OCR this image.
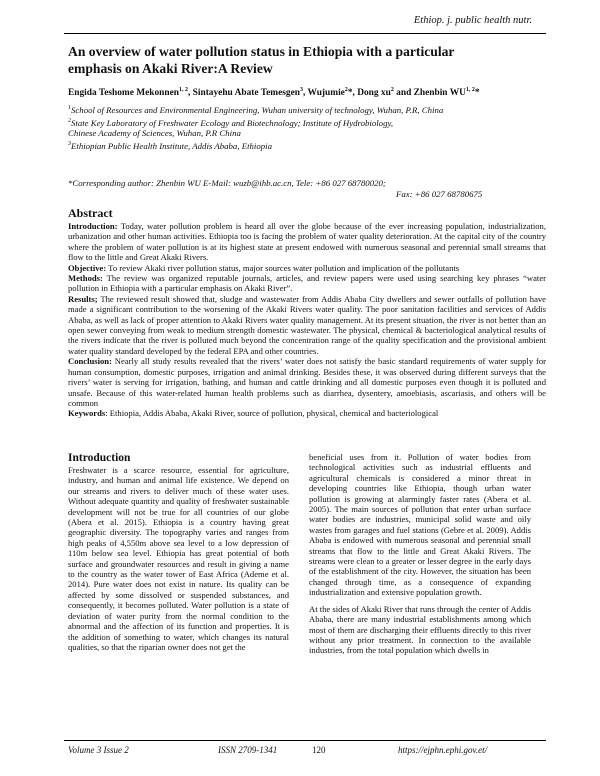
Ethiop. j. public health nutr.
An overview of water pollution status in Ethiopia with a particular emphasis on Akaki River:A Review
Engida Teshome Mekonnen$^{1, 2}$, Sintayehu Abate Temesgen$^3$, Wujumie$^2$*, Dong $xu^2$ and Zhenbin WU$^{1, 2}$*
$^1$School of Resources and Environmental Engineering, Wuhan university of technology, Wuhan, P.R, China
$^2$State Key Laboratory of Freshwater Ecology and Biotechnology; Institute of Hydrobiology,
Chinese Academy of Sciences, Wuhan, P.R China
$^3$Ethiopian Public Health Institute, Addis Ababa, Ethiopia
*Corresponding author: Zhenbin WU E-Mail: wuzb@ihb.ac.cn, Tele: +86 027 68780020;
Fax: +86 027 68780675
Abstract

Introduction: Today, water pollution problem is heard all over the globe because of the ever increasing population, industrialization, urbanization and other human activities. Ethiopia too is facing the problem of water quality deterioration. At the capital city of the country where the problem of water pollution is at its highest state at present endowed with numerous seasonal and perennial small streams that flow to the little and Great Akaki Rivers.

Objective: To review Akaki river pollution status, major sources water pollution and implication of the pollutants

Methods: The review was organized reputable journals, articles, and review papers were used using searching key phrases “water pollution in Ethiopia with a particular emphasis on Akaki River”.

Results; The reviewed result showed that, sludge and wastewater from Addis Ababa City dwellers and sewer outfalls of pollution have made a significant contribution to the worsening of the Akaki Rivers water quality. The poor sanitation facilities and services of Addis Ababa, as well as lack of proper attention to Akaki Rivers water quality management. At its present situation, the river is not better than an open sewer conveying from weak to medium strength domestic wastewater. The physical, chemical & bacteriological analytical results of the rivers indicate that the river is polluted much beyond the concentration range of the quality specification and the provisional ambient water quality standard developed by the federal EPA and other countries.

Conclusion: Nearly all study results revealed that the rivers’ water does not satisfy the basic standard requirements of water supply for human consumption, domestic purposes, irrigation and animal drinking. Besides these, it was observed during different surveys that the rivers’ water is serving for irrigation, bathing, and human and cattle drinking and all domestic purposes even though it is polluted and unsafe. Because of this water-related human health problems such as diarrhea, dysentery, amoebiasis, ascariasis, and others will be common

Keywords: Ethiopia, Addis Ababa, Akaki River, source of pollution, physical, chemical and bacteriological

Introduction

Freshwater is a scarce resource, essential for agriculture, industry, and human and animal life existence. We depend on our streams and rivers to deliver much of these water uses. Without adequate quantity and quality of freshwater sustainable development will not be true for all countries of our globe (Abera et al. 2015). Ethiopia is a country having great geographic diversity. The topography varies and ranges from high peaks of 4,550m above sea level to a low depression of 110m below sea level. Ethiopia has great potential of both surface and groundwater resources and result in giving a name to the country as the water tower of East Africa (Ademe et al. 2014). Pure water does not exist in nature. Its quality can be affected by some dissolved or suspended substances, and consequently, it becomes polluted. Water pollution is a state of deviation of water purity from the normal condition to the abnormal and the affection of its function and properties. It is the addition of something to water, which changes its natural qualities, so that the riparian owner does not get the

beneficial uses from it. Pollution of water bodies from technological activities such as industrial effluents and agricultural chemicals is considered a minor threat in developing countries like Ethiopia, though urban water pollution is growing at alarmingly faster rates (Abera et al. 2005). The main sources of pollution that enter urban surface water bodies are industries, municipal solid waste and oily wastes from garages and fuel stations (Gebre et al. 2009). Addis Ababa is endowed with numerous seasonal and perennial small streams that flow to the little and Great Akaki Rivers. The streams were clean to a greater or lesser degree in the early days of the establishment of the city. However, the situation has been changed through time, as a consequence of expanding industrialization and extensive population growth.

At the sides of Akaki River that runs through the center of Addis Ababa, there are many industrial establishments among which most of them are discharging their effluents directly to this river without any prior treatment. In connection to the available industries, from the total population which dwells in

Volume 3 Issue 2	ISSN 2709-1341	120	https://ejphn.ephi.gov.et/
